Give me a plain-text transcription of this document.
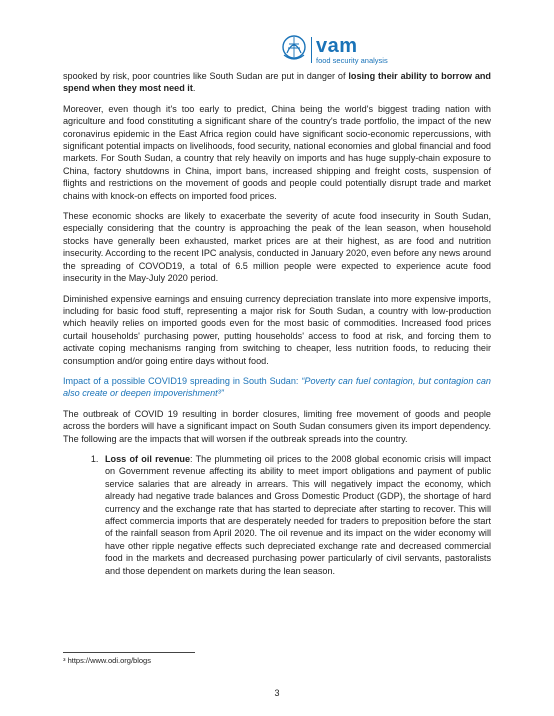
vam
food security analysis

spooked by risk, poor countries like South Sudan are put in danger of losing their ability to borrow and spend when they most need it.

Moreover, even though it's too early to predict, China being the world's biggest trading nation with agriculture and food constituting a significant share of the country's trade portfolio, the impact of the new coronavirus epidemic in the East Africa region could have significant socio-economic repercussions, with significant potential impacts on livelihoods, food security, national economies and global financial and food markets. For South Sudan, a country that rely heavily on imports and has huge supply-chain exposure to China, factory shutdowns in China, import bans, increased shipping and freight costs, suspension of flights and restrictions on the movement of goods and people could potentially disrupt trade and market chains with knock-on effects on imported food prices.

These economic shocks are likely to exacerbate the severity of acute food insecurity in South Sudan, especially considering that the country is approaching the peak of the lean season, when household stocks have generally been exhausted, market prices are at their highest, as are food and nutrition insecurity. According to the recent IPC analysis, conducted in January 2020, even before any news around the spreading of COVOD19, a total of 6.5 million people were expected to experience acute food insecurity in the May-July 2020 period.

Diminished expensive earnings and ensuing currency depreciation translate into more expensive imports, including for basic food stuff, representing a major risk for South Sudan, a country with low-production which heavily relies on imported goods even for the most basic of commodities. Increased food prices curtail households' purchasing power, putting households' access to food at risk, and forcing them to activate coping mechanisms ranging from switching to cheaper, less nutrition foods, to reducing their consumption and/or going entire days without food.

Impact of a possible COVID19 spreading in South Sudan: “Poverty can fuel contagion, but contagion can also create or deepen impoverishment³”

The outbreak of COVID 19 resulting in border closures, limiting free movement of goods and people across the borders will have a significant impact on South Sudan consumers given its import dependency. The following are the impacts that will worsen if the outbreak spreads into the country.

1. Loss of oil revenue: The plummeting oil prices to the 2008 global economic crisis will impact on Government revenue affecting its ability to meet import obligations and payment of public service salaries that are already in arrears. This will negatively impact the economy, which already had negative trade balances and Gross Domestic Product (GDP), the shortage of hard currency and the exchange rate that has started to depreciate after starting to recover. This will affect commercia imports that are desperately needed for traders to preposition before the start of the rainfall season from April 2020. The oil revenue and its impact on the wider economy will have other ripple negative effects such depreciated exchange rate and decreased commercial food in the markets and decreased purchasing power particularly of civil servants, pastoralists and those dependent on markets during the lean season.
³ https://www.odi.org/blogs
3
